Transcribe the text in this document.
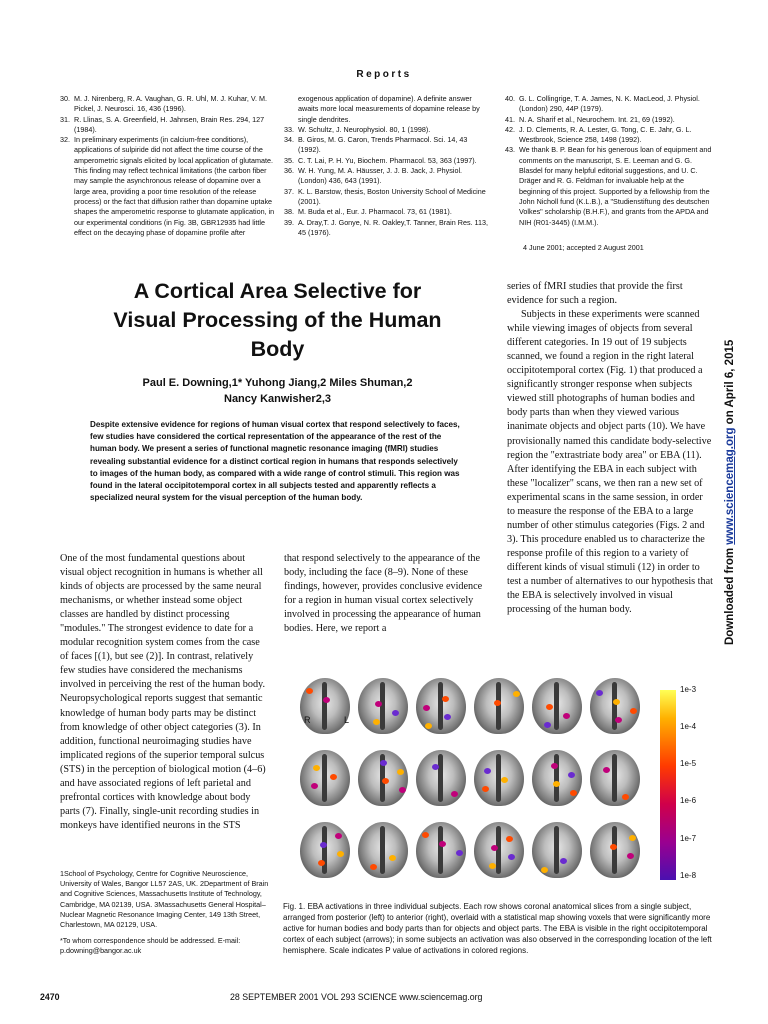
Reports
30. M. J. Nirenberg, R. A. Vaughan, G. R. Uhl, M. J. Kuhar, V. M. Pickel, J. Neurosci. 16, 436 (1996).
31. R. Llinas, S. A. Greenfield, H. Jahnsen, Brain Res. 294, 127 (1984).
32. In preliminary experiments (in calcium-free conditions), applications of sulpiride did not affect the time course of the amperometric signals elicited by local application of glutamate. This finding may reflect technical limitations (the carbon fiber may sample the asynchronous release of dopamine over a large area, providing a poor time resolution of the release process) or the fact that diffusion rather than dopamine uptake shapes the amperometric response to glutamate application, in our experimental conditions (in Fig. 3B, GBR12935 had little effect on the decaying phase of dopamine profile after
exogenous application of dopamine). A definite answer awaits more local measurements of dopamine release by single dendrites.
33. W. Schultz, J. Neurophysiol. 80, 1 (1998).
34. B. Giros, M. G. Caron, Trends Pharmacol. Sci. 14, 43 (1992).
35. C. T. Lai, P. H. Yu, Biochem. Pharmacol. 53, 363 (1997).
36. W. H. Yung, M. A. Häusser, J. J. B. Jack, J. Physiol. (London) 436, 643 (1991).
37. K. L. Barstow, thesis, Boston University School of Medicine (2001).
38. M. Buda et al., Eur. J. Pharmacol. 73, 61 (1981).
39. A. Dray,T. J. Gonye, N. R. Oakley,T. Tanner, Brain Res. 113, 45 (1976).
40. G. L. Collingrige, T. A. James, N. K. MacLeod, J. Physiol. (London) 290, 44P (1979).
41. N. A. Sharif et al., Neurochem. Int. 21, 69 (1992).
42. J. D. Clements, R. A. Lester, G. Tong, C. E. Jahr, G. L. Westbrook, Science 258, 1498 (1992).
43. We thank B. P. Bean for his generous loan of equipment and comments on the manuscript, S. E. Leeman and G. G. Blasdel for many helpful editorial suggestions, and U. C. Dräger and R. G. Feldman for invaluable help at the beginning of this project. Supported by a fellowship from the John Nicholl fund (K.L.B.), a "Studienstiftung des deutschen Volkes" scholarship (B.H.F.), and grants from the APDA and NIH (R01-3445) (I.M.M.).
4 June 2001; accepted 2 August 2001
A Cortical Area Selective for Visual Processing of the Human Body
Paul E. Downing,1* Yuhong Jiang,2 Miles Shuman,2
Nancy Kanwisher2,3
Despite extensive evidence for regions of human visual cortex that respond selectively to faces, few studies have considered the cortical representation of the appearance of the rest of the human body. We present a series of functional magnetic resonance imaging (fMRI) studies revealing substantial evidence for a distinct cortical region in humans that responds selectively to images of the human body, as compared with a wide range of control stimuli. This region was found in the lateral occipitotemporal cortex in all subjects tested and apparently reflects a specialized neural system for the visual perception of the human body.

One of the most fundamental questions about visual object recognition in humans is whether all kinds of objects are processed by the same neural mechanisms, or whether instead some object classes are handled by distinct processing "modules." The strongest evidence to date for a modular recognition system comes from the case of faces [(1), but see (2)]. In contrast, relatively few studies have considered the mechanisms involved in perceiving the rest of the human body. Neuropsychological reports suggest that semantic knowledge of human body parts may be distinct from knowledge of other object categories (3). In addition, functional neuroimaging studies have implicated regions of the superior temporal sulcus (STS) in the perception of biological motion (4–6) and have associated regions of left parietal and prefrontal cortices with knowledge about body parts (7). Finally, single-unit recording studies in monkeys have identified neurons in the STS

that respond selectively to the appearance of the body, including the face (8–9). None of these findings, however, provides conclusive evidence for a region in human visual cortex selectively involved in processing the appearance of human bodies. Here, we report a

series of fMRI studies that provide the first evidence for such a region.

Subjects in these experiments were scanned while viewing images of objects from several different categories. In 19 out of 19 subjects scanned, we found a region in the right lateral occipitotemporal cortex (Fig. 1) that produced a significantly stronger response when subjects viewed still photographs of human bodies and body parts than when they viewed various inanimate objects and object parts (10). We have provisionally named this candidate body-selective region the "extrastriate body area" or EBA (11). After identifying the EBA in each subject with these "localizer" scans, we then ran a new set of experimental scans in the same session, in order to measure the response of the EBA to a large number of other stimulus categories (Figs. 2 and 3). This procedure enabled us to characterize the response profile of this region to a variety of different kinds of visual stimuli (12) in order to test a number of alternatives to our hypothesis that the EBA is selectively involved in visual processing of the human body.

R	L
1e-3
1e-4
1e-5
1e-6
1e-7
1e-8
1School of Psychology, Centre for Cognitive Neuroscience, University of Wales, Bangor LL57 2AS, UK. 2Department of Brain and Cognitive Sciences, Massachusetts Institute of Technology, Cambridge, MA 02139, USA. 3Massachusetts General Hospital–Nuclear Magnetic Resonance Imaging Center, 149 13th Street, Charlestown, MA 02129, USA.
*To whom correspondence should be addressed. E-mail: p.downing@bangor.ac.uk
Fig. 1. EBA activations in three individual subjects. Each row shows coronal anatomical slices from a single subject, arranged from posterior (left) to anterior (right), overlaid with a statistical map showing voxels that were significantly more active for human bodies and body parts than for objects and object parts. The EBA is visible in the right occipitotemporal cortex of each subject (arrows); in some subjects an activation was also observed in the corresponding location of the left hemisphere. Scale indicates P value of activations in colored regions.
2470	28 SEPTEMBER 2001 VOL 293 SCIENCE www.sciencemag.org
Downloaded from www.sciencemag.org on April 6, 2015
